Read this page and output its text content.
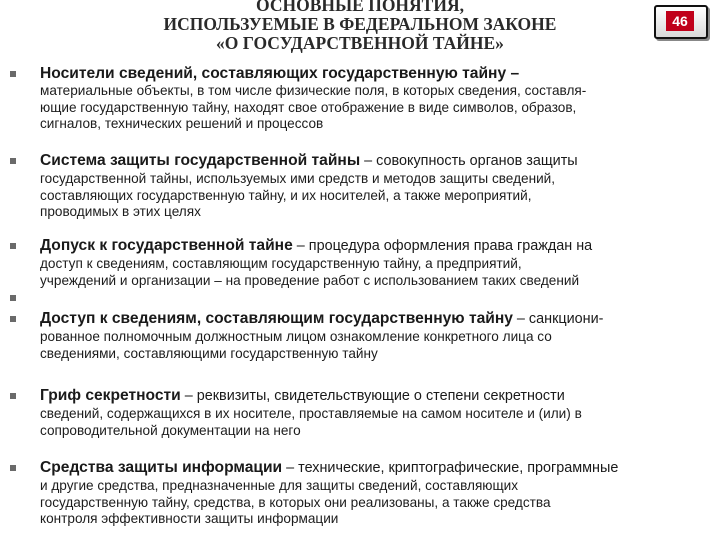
ОСНОВНЫЕ ПОНЯТИЯ,
ИСПОЛЬЗУЕМЫЕ В ФЕДЕРАЛЬНОМ ЗАКОНЕ
«О ГОСУДАРСТВЕННОЙ ТАЙНЕ»
46
Носители сведений, составляющих государственную тайну –
материальные объекты, в том числе физические поля, в которых сведения, составля-
ющие государственную тайну, находят свое отображение в виде символов, образов,
сигналов, технических решений и процессов
Система защиты государственной тайны – совокупность органов защиты
государственной тайны, используемых ими средств и методов защиты сведений,
составляющих государственную тайну, и их носителей, а также мероприятий,
проводимых в этих целях
Допуск к государственной тайне – процедура оформления права граждан на
доступ к сведениям, составляющим государственную тайну, а предприятий,
учреждений и организации – на проведение работ с использованием таких сведений
Доступ к сведениям, составляющим государственную тайну – санкциони-
рованное полномочным должностным лицом ознакомление конкретного лица со
сведениями, составляющими государственную тайну
Гриф секретности – реквизиты, свидетельствующие о степени секретности
сведений, содержащихся в их носителе, проставляемые на самом носителе и (или) в
сопроводительной документации на него
Средства защиты информации – технические, криптографические, программные
и другие средства, предназначенные для защиты сведений, составляющих
государственную тайну, средства, в которых они реализованы, а также средства
контроля эффективности защиты информации
